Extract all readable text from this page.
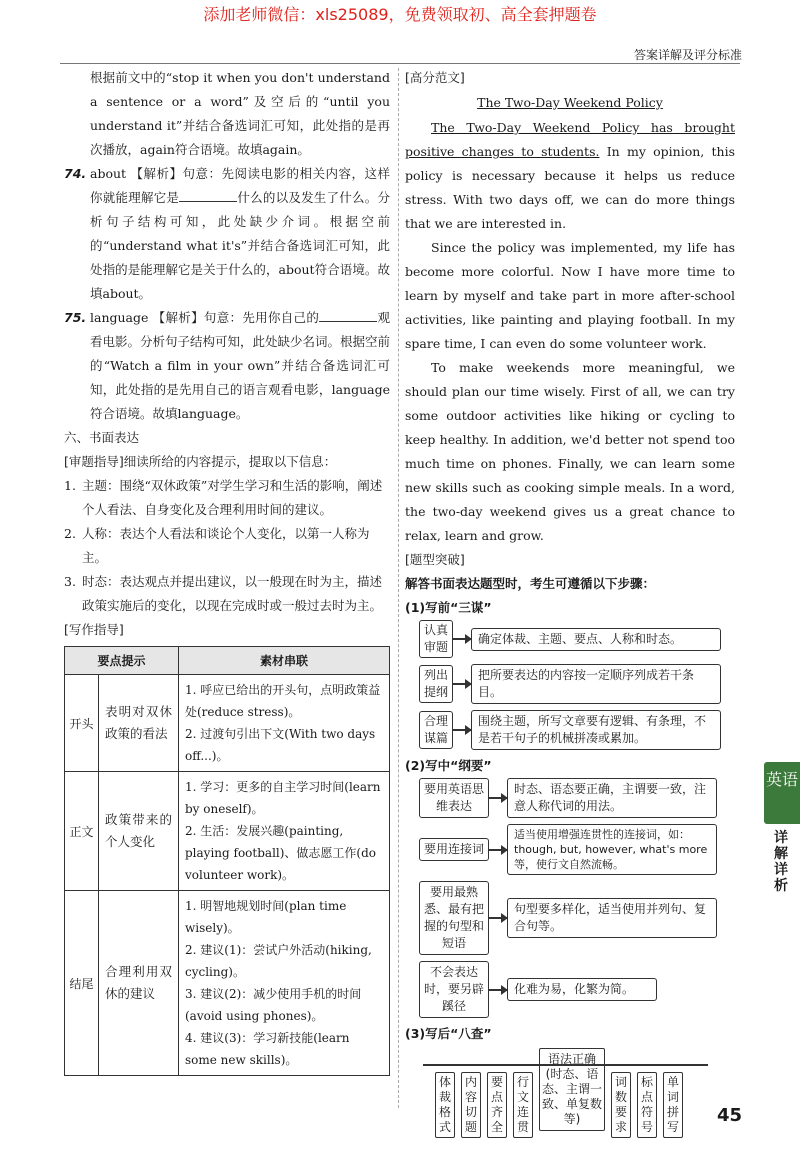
添加老师微信：xls25089，免费领取初、高全套押题卷
答案详解及评分标准
根据前文中的“stop it when you don't understand a sentence or a word”及空后的“until you understand it”并结合备选词汇可知，此处指的是再次播放，again符合语境。故填again。
74. about 【解析】句意：先阅读电影的相关内容，这样你就能理解它是	什么的以及发生了什么。分析句子结构可知，此处缺少介词。根据空前的“understand what it's”并结合备选词汇可知，此处指的是能理解它是关于什么的，about符合语境。故填about。
75. language 【解析】句意：先用你自己的	观看电影。分析句子结构可知，此处缺少名词。根据空前的“Watch a film in your own”并结合备选词汇可知，此处指的是先用自己的语言观看电影，language符合语境。故填language。
六、书面表达
[审题指导]细读所给的内容提示，提取以下信息：
1. 主题：围绕“双休政策”对学生学习和生活的影响，阐述个人看法、自身变化及合理利用时间的建议。
2. 人称：表达个人看法和谈论个人变化，以第一人称为主。
3. 时态：表达观点并提出建议，以一般现在时为主，描述政策实施后的变化，以现在完成时或一般过去时为主。
[写作指导]
要点提示		素材串联
开头	表明对双休政策的看法	1. 呼应已给出的开头句，点明政策益处(reduce stress)。
2. 过渡句引出下文(With two days off...)。

正文	政策带来的个人变化	1. 学习：更多的自主学习时间(learn by oneself)。
2. 生活：发展兴趣(painting, playing football)、做志愿工作(do volunteer work)。

结尾	合理利用双休的建议	1. 明智地规划时间(plan time wisely)。
2. 建议(1)：尝试户外活动(hiking, cycling)。
3. 建议(2)：减少使用手机的时间(avoid using phones)。
4. 建议(3)：学习新技能(learn some new skills)。
[高分范文]
The Two-Day Weekend Policy
The Two-Day Weekend Policy has brought positive changes to students. In my opinion, this policy is necessary because it helps us reduce stress. With two days off, we can do more things that we are interested in.
Since the policy was implemented, my life has become more colorful. Now I have more time to learn by myself and take part in more after-school activities, like painting and playing football. In my spare time, I can even do some volunteer work.
To make weekends more meaningful, we should plan our time wisely. First of all, we can try some outdoor activities like hiking or cycling to keep healthy. In addition, we'd better not spend too much time on phones. Finally, we can learn some new skills such as cooking simple meals. In a word, the two-day weekend gives us a great chance to relax, learn and grow.
[题型突破]
解答书面表达题型时，考生可遵循以下步骤：
(1)写前“三谋”
认真审题
确定体裁、主题、要点、人称和时态。
列出提纲
把所要表达的内容按一定顺序列成若干条目。
合理谋篇
围绕主题，所写文章要有逻辑、有条理，不是若干句子的机械拼凑或累加。
(2)写中“纲要”
要用英语思维表达
时态、语态要正确，主谓要一致，注意人称代词的用法。
要用连接词
适当使用增强连贯性的连接词，如：though, but, however, what's more等，使行文自然流畅。
要用最熟悉、最有把握的句型和短语
句型要多样化，适当使用并列句、复合句等。
不会表达时，要另辟蹊径
化难为易，化繁为简。
(3)写后“八查”
体裁格式
内容切题
要点齐全
行文连贯
语法正确(时态、语态、主谓一致、单复数等)
词数要求
标点符号
单词拼写
英语
详解详析
45
